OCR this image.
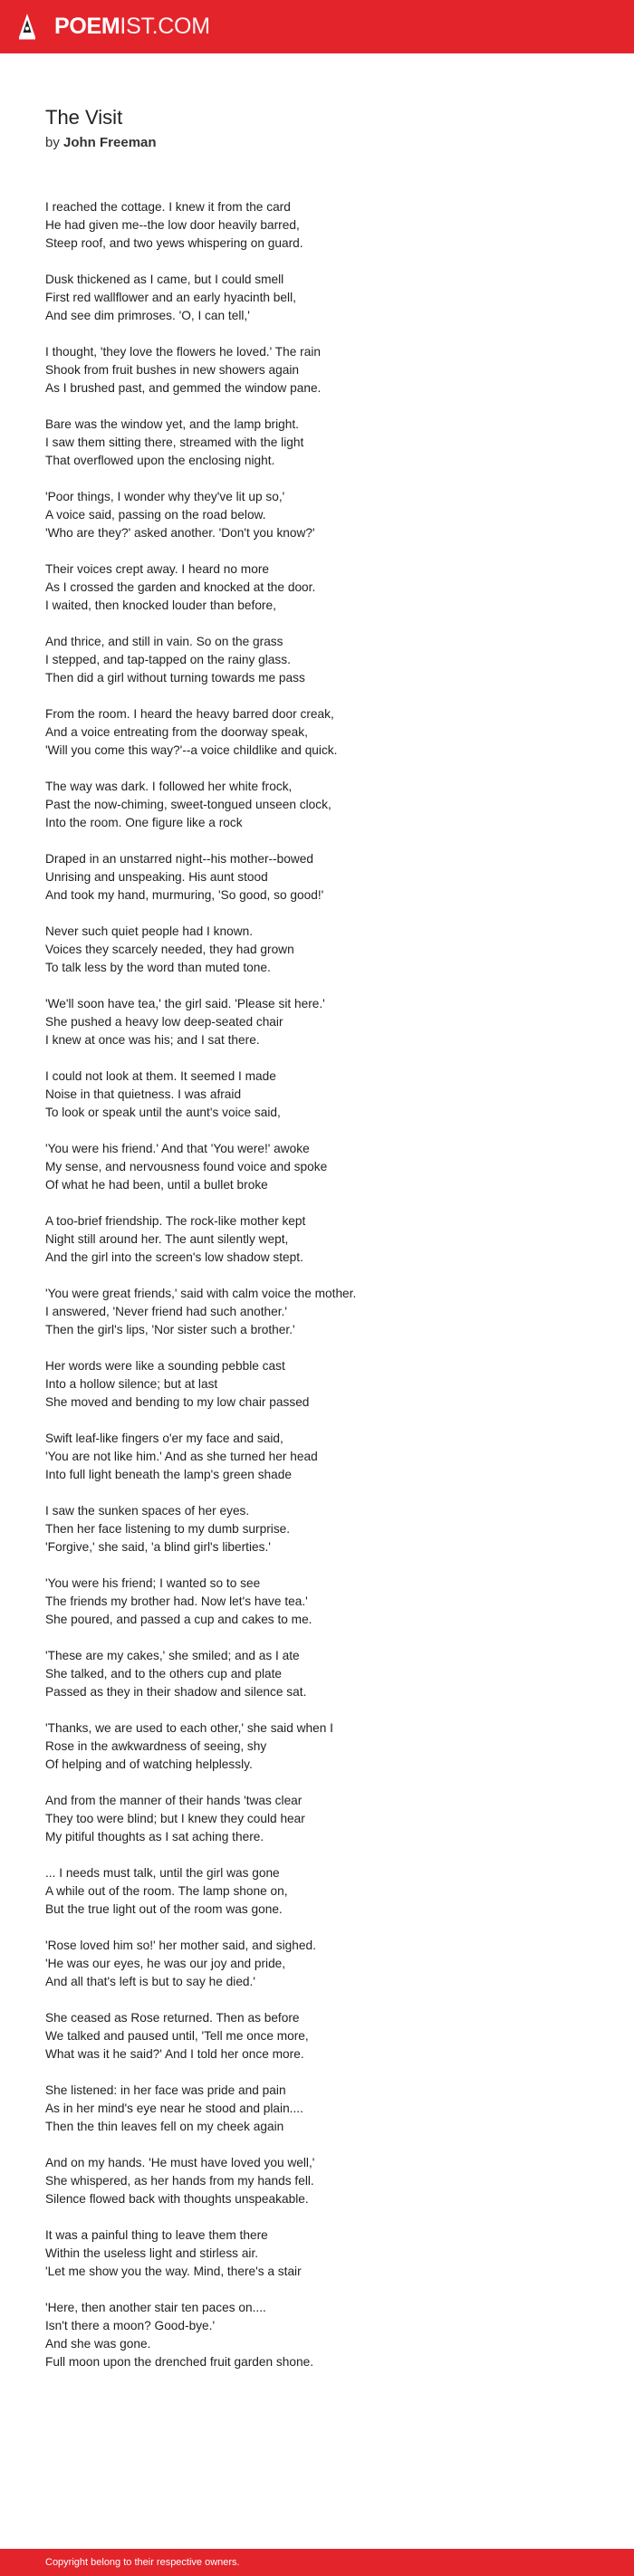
POEMIST.COM
The Visit
by John Freeman
I reached the cottage. I knew it from the card
He had given me--the low door heavily barred,
Steep roof, and two yews whispering on guard.
Dusk thickened as I came, but I could smell
First red wallflower and an early hyacinth bell,
And see dim primroses. 'O, I can tell,'
I thought, 'they love the flowers he loved.' The rain
Shook from fruit bushes in new showers again
As I brushed past, and gemmed the window pane.
Bare was the window yet, and the lamp bright.
I saw them sitting there, streamed with the light
That overflowed upon the enclosing night.
'Poor things, I wonder why they've lit up so,'
A voice said, passing on the road below.
'Who are they?' asked another. 'Don't you know?'
Their voices crept away. I heard no more
As I crossed the garden and knocked at the door.
I waited, then knocked louder than before,
And thrice, and still in vain. So on the grass
I stepped, and tap-tapped on the rainy glass.
Then did a girl without turning towards me pass
From the room. I heard the heavy barred door creak,
And a voice entreating from the doorway speak,
'Will you come this way?'--a voice childlike and quick.
The way was dark. I followed her white frock,
Past the now-chiming, sweet-tongued unseen clock,
Into the room. One figure like a rock
Draped in an unstarred night--his mother--bowed
Unrising and unspeaking. His aunt stood
And took my hand, murmuring, 'So good, so good!'
Never such quiet people had I known.
Voices they scarcely needed, they had grown
To talk less by the word than muted tone.
'We'll soon have tea,' the girl said. 'Please sit here.'
She pushed a heavy low deep-seated chair
I knew at once was his; and I sat there.
I could not look at them. It seemed I made
Noise in that quietness. I was afraid
To look or speak until the aunt's voice said,
'You were his friend.' And that 'You were!' awoke
My sense, and nervousness found voice and spoke
Of what he had been, until a bullet broke
A too-brief friendship. The rock-like mother kept
Night still around her. The aunt silently wept,
And the girl into the screen's low shadow stept.
'You were great friends,' said with calm voice the mother.
I answered, 'Never friend had such another.'
Then the girl's lips, 'Nor sister such a brother.'
Her words were like a sounding pebble cast
Into a hollow silence; but at last
She moved and bending to my low chair passed
Swift leaf-like fingers o'er my face and said,
'You are not like him.' And as she turned her head
Into full light beneath the lamp's green shade
I saw the sunken spaces of her eyes.
Then her face listening to my dumb surprise.
'Forgive,' she said, 'a blind girl's liberties.'
'You were his friend; I wanted so to see
The friends my brother had. Now let's have tea.'
She poured, and passed a cup and cakes to me.
'These are my cakes,' she smiled; and as I ate
She talked, and to the others cup and plate
Passed as they in their shadow and silence sat.
'Thanks, we are used to each other,' she said when I
Rose in the awkwardness of seeing, shy
Of helping and of watching helplessly.
And from the manner of their hands 'twas clear
They too were blind; but I knew they could hear
My pitiful thoughts as I sat aching there.
... I needs must talk, until the girl was gone
A while out of the room. The lamp shone on,
But the true light out of the room was gone.
'Rose loved him so!' her mother said, and sighed.
'He was our eyes, he was our joy and pride,
And all that's left is but to say he died.'
She ceased as Rose returned. Then as before
We talked and paused until, 'Tell me once more,
What was it he said?' And I told her once more.
She listened: in her face was pride and pain
As in her mind's eye near he stood and plain....
Then the thin leaves fell on my cheek again
And on my hands. 'He must have loved you well,'
She whispered, as her hands from my hands fell.
Silence flowed back with thoughts unspeakable.
It was a painful thing to leave them there
Within the useless light and stirless air.
'Let me show you the way. Mind, there's a stair
'Here, then another stair ten paces on....
Isn't there a moon? Good-bye.'
And she was gone.
Full moon upon the drenched fruit garden shone.
Copyright belong to their respective owners.
